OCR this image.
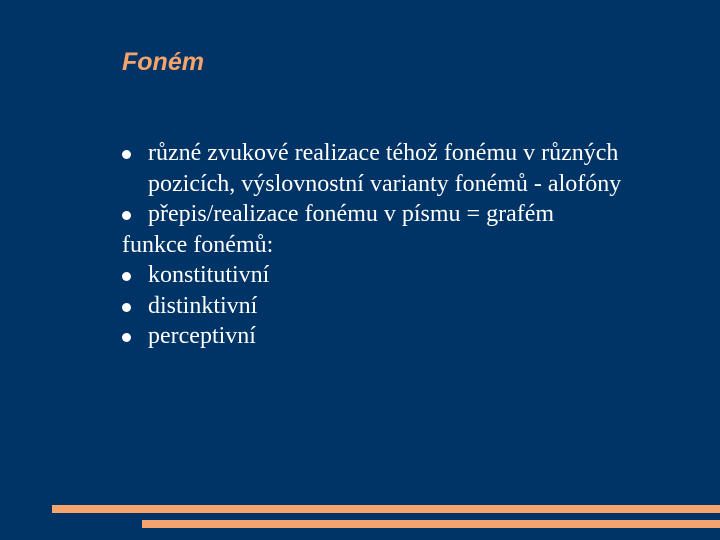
Foném

různé zvukové realizace téhož fonému v různých pozicích, výslovnostní varianty fonémů - alofóny

přepis/realizace fonému v písmu = grafém

funkce fonémů:

konstitutivní

distinktivní

perceptivní
